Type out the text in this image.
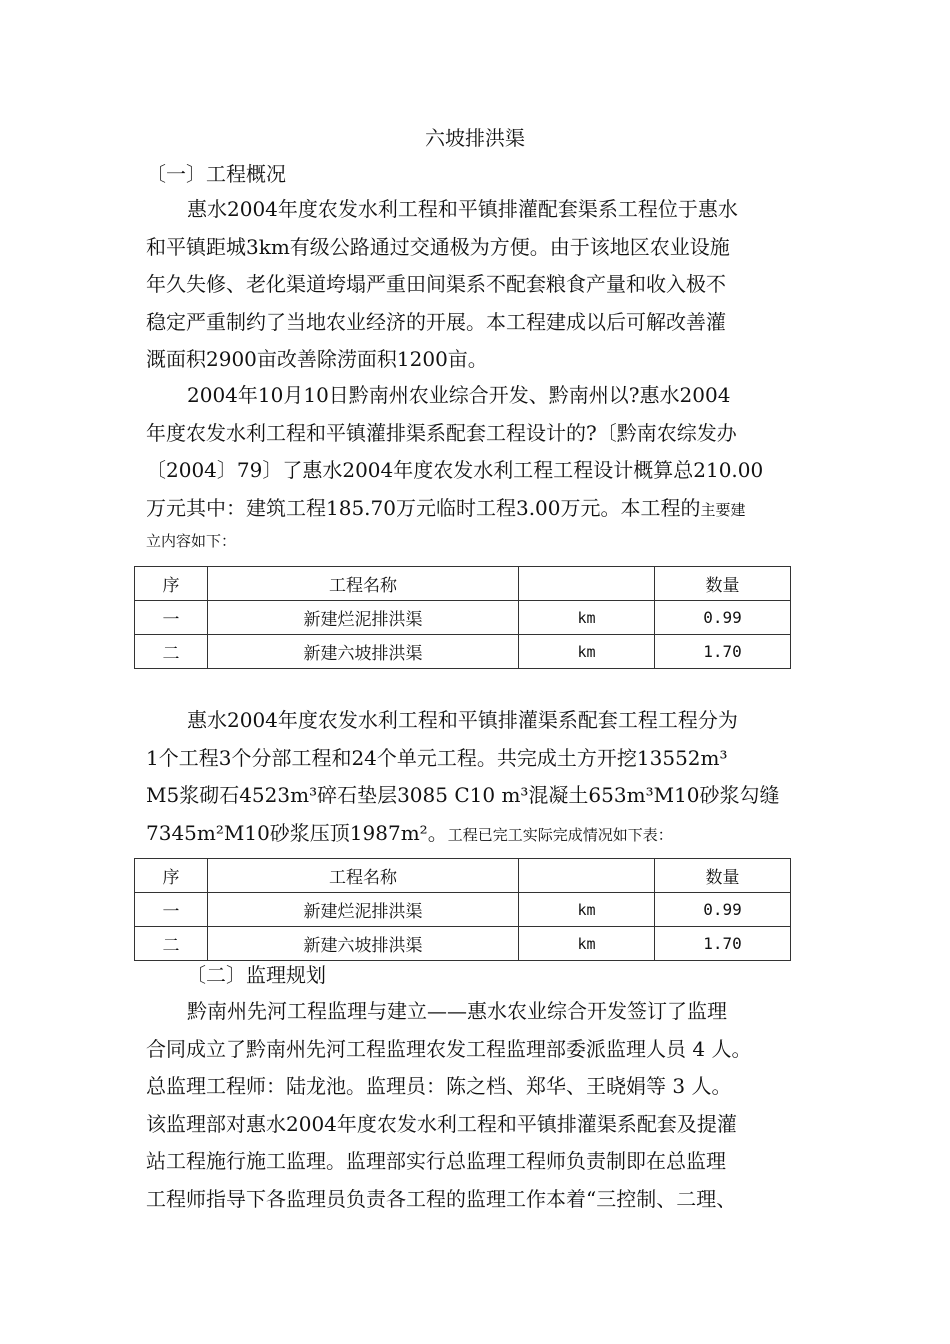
六坡排洪渠
〔一〕工程概况
惠水2004年度农发水利工程和平镇排灌配套渠系工程位于惠水
和平镇距城3km有级公路通过交通极为方便。由于该地区农业设施
年久失修、老化渠道垮塌严重田间渠系不配套粮食产量和收入极不
稳定严重制约了当地农业经济的开展。本工程建成以后可解改善灌
溉面积2900亩改善除涝面积1200亩。
2004年10月10日黔南州农业综合开发、黔南州以?惠水2004
年度农发水利工程和平镇灌排渠系配套工程设计的?〔黔南农综发办
〔2004〕79〕了惠水2004年度农发水利工程工程设计概算总210.00
万元其中：建筑工程185.70万元临时工程3.00万元。本工程的主要建
立内容如下：
序	工程名称		数量
一	新建烂泥排洪渠	km	0.99
二	新建六坡排洪渠	km	1.70
惠水2004年度农发水利工程和平镇排灌渠系配套工程工程分为
1个工程3个分部工程和24个单元工程。共完成土方开挖13552m³
M5浆砌石4523m³碎石垫层3085 C10 m³混凝土653m³M10砂浆勾缝
7345m²M10砂浆压顶1987m²。工程已完工实际完成情况如下表：
序	工程名称		数量
一	新建烂泥排洪渠	km	0.99
二	新建六坡排洪渠	km	1.70
〔二〕监理规划
黔南州先河工程监理与建立——惠水农业综合开发签订了监理
合同成立了黔南州先河工程监理农发工程监理部委派监理人员 4 人。
总监理工程师：陆龙池。监理员：陈之档、郑华、王晓娟等 3 人。
该监理部对惠水2004年度农发水利工程和平镇排灌渠系配套及提灌
站工程施行施工监理。监理部实行总监理工程师负责制即在总监理
工程师指导下各监理员负责各工程的监理工作本着“三控制、二理、
